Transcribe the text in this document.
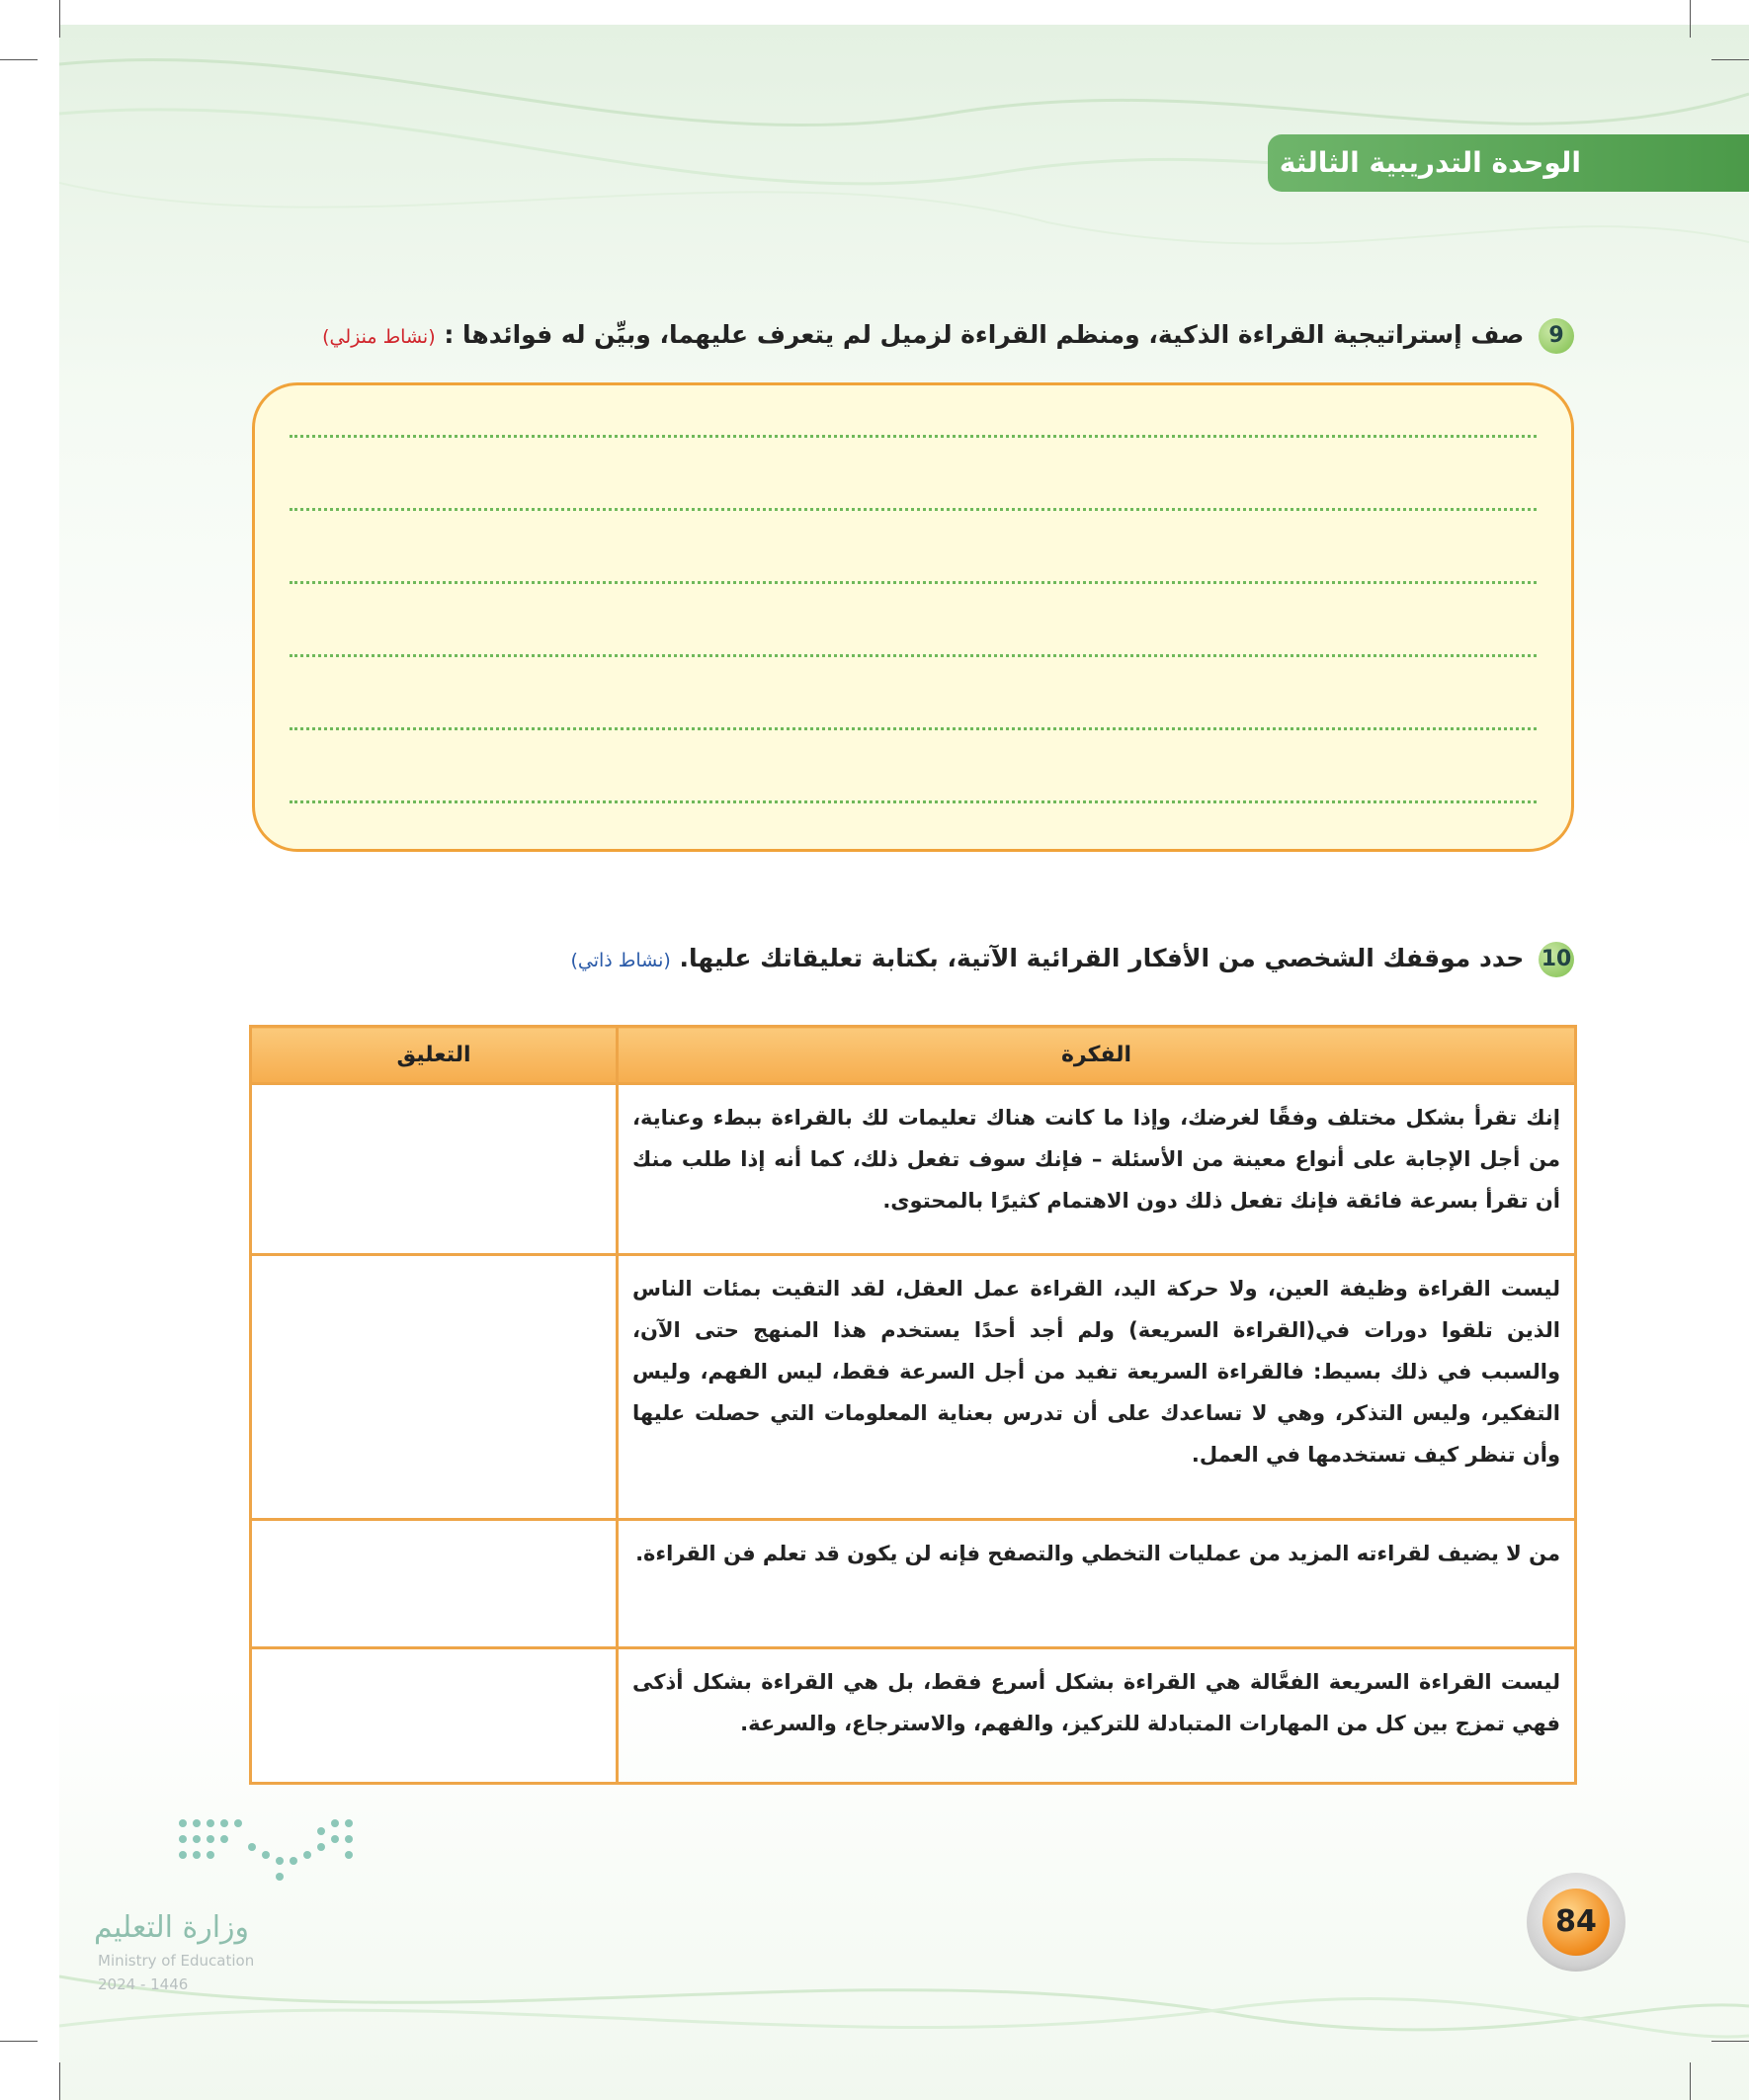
الوحدة التدريبية الثالثة
9 صف إستراتيجية القراءة الذكية، ومنظم القراءة لزميل لم يتعرف عليهما، وبيِّن له فوائدها : (نشاط منزلي)
10 حدد موقفك الشخصي من الأفكار القرائية الآتية، بكتابة تعليقاتك عليها. (نشاط ذاتي)
الفكرة	التعليق
إنك تقرأ بشكل مختلف وفقًا لغرضك، وإذا ما كانت هناك تعليمات لك بالقراءة ببطء وعناية، من أجل الإجابة على أنواع معينة من الأسئلة – فإنك سوف تفعل ذلك، كما أنه إذا طلب منك أن تقرأ بسرعة فائقة فإنك تفعل ذلك دون الاهتمام كثيرًا بالمحتوى.	
ليست القراءة وظيفة العين، ولا حركة اليد، القراءة عمل العقل، لقد التقيت بمئات الناس الذين تلقوا دورات في(القراءة السريعة) ولم أجد أحدًا يستخدم هذا المنهج حتى الآن، والسبب في ذلك بسيط: فالقراءة السريعة تفيد من أجل السرعة فقط، ليس الفهم، وليس التفكير، وليس التذكر، وهي لا تساعدك على أن تدرس بعناية المعلومات التي حصلت عليها وأن تنظر كيف تستخدمها في العمل.	
من لا يضيف لقراءته المزيد من عمليات التخطي والتصفح فإنه لن يكون قد تعلم فن القراءة.	
ليست القراءة السريعة الفعَّالة هي القراءة بشكل أسرع فقط، بل هي القراءة بشكل أذكى فهي تمزج بين كل من المهارات المتبادلة للتركيز، والفهم، والاسترجاع، والسرعة.	
وزارة التعليم
Ministry of Education
2024 - 1446
84
